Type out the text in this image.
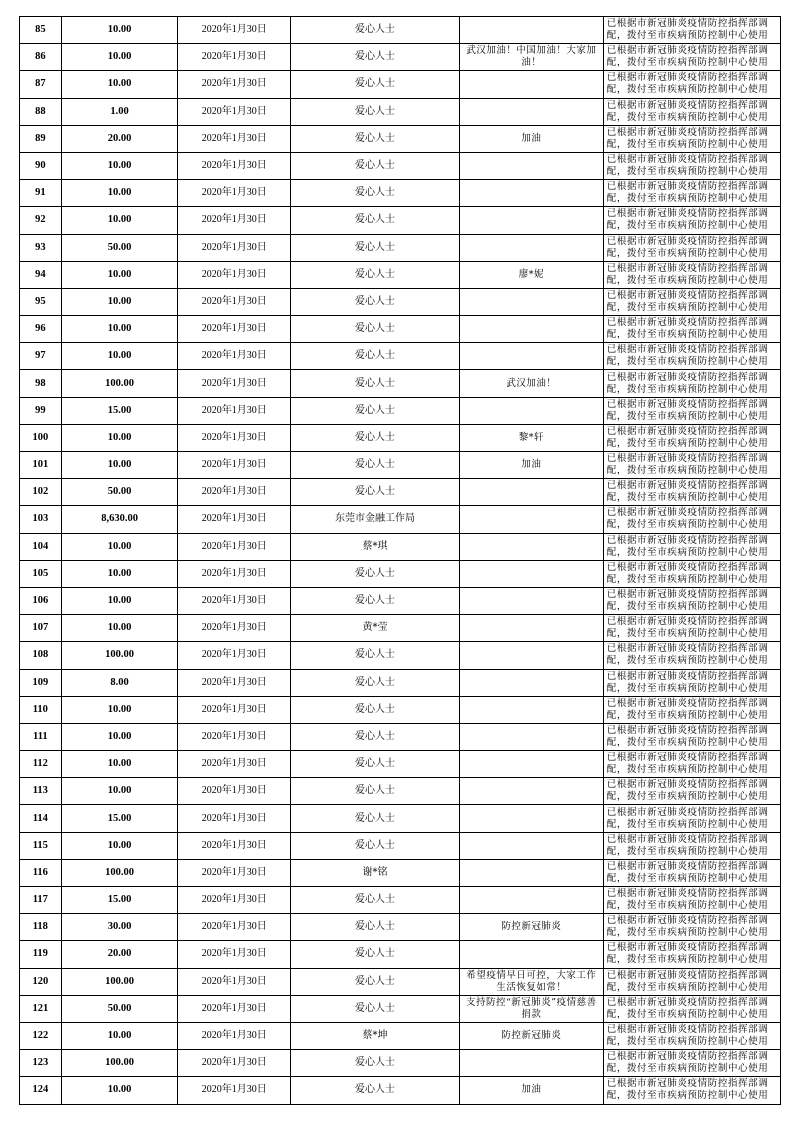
85	10.00	2020年1月30日	爱心人士		已根据市新冠肺炎疫情防控指挥部调配，拨付至市疾病预防控制中心使用
86	10.00	2020年1月30日	爱心人士	武汉加油！中国加油！大家加油！	已根据市新冠肺炎疫情防控指挥部调配，拨付至市疾病预防控制中心使用
87	10.00	2020年1月30日	爱心人士		已根据市新冠肺炎疫情防控指挥部调配，拨付至市疾病预防控制中心使用
88	1.00	2020年1月30日	爱心人士		已根据市新冠肺炎疫情防控指挥部调配，拨付至市疾病预防控制中心使用
89	20.00	2020年1月30日	爱心人士	加油	已根据市新冠肺炎疫情防控指挥部调配，拨付至市疾病预防控制中心使用
90	10.00	2020年1月30日	爱心人士		已根据市新冠肺炎疫情防控指挥部调配，拨付至市疾病预防控制中心使用
91	10.00	2020年1月30日	爱心人士		已根据市新冠肺炎疫情防控指挥部调配，拨付至市疾病预防控制中心使用
92	10.00	2020年1月30日	爱心人士		已根据市新冠肺炎疫情防控指挥部调配，拨付至市疾病预防控制中心使用
93	50.00	2020年1月30日	爱心人士		已根据市新冠肺炎疫情防控指挥部调配，拨付至市疾病预防控制中心使用
94	10.00	2020年1月30日	爱心人士	廖*妮	已根据市新冠肺炎疫情防控指挥部调配，拨付至市疾病预防控制中心使用
95	10.00	2020年1月30日	爱心人士		已根据市新冠肺炎疫情防控指挥部调配，拨付至市疾病预防控制中心使用
96	10.00	2020年1月30日	爱心人士		已根据市新冠肺炎疫情防控指挥部调配，拨付至市疾病预防控制中心使用
97	10.00	2020年1月30日	爱心人士		已根据市新冠肺炎疫情防控指挥部调配，拨付至市疾病预防控制中心使用
98	100.00	2020年1月30日	爱心人士	武汉加油！	已根据市新冠肺炎疫情防控指挥部调配，拨付至市疾病预防控制中心使用
99	15.00	2020年1月30日	爱心人士		已根据市新冠肺炎疫情防控指挥部调配，拨付至市疾病预防控制中心使用
100	10.00	2020年1月30日	爱心人士	黎*轩	已根据市新冠肺炎疫情防控指挥部调配，拨付至市疾病预防控制中心使用
101	10.00	2020年1月30日	爱心人士	加油	已根据市新冠肺炎疫情防控指挥部调配，拨付至市疾病预防控制中心使用
102	50.00	2020年1月30日	爱心人士		已根据市新冠肺炎疫情防控指挥部调配，拨付至市疾病预防控制中心使用
103	8,630.00	2020年1月30日	东莞市金融工作局		已根据市新冠肺炎疫情防控指挥部调配，拨付至市疾病预防控制中心使用
104	10.00	2020年1月30日	蔡*琪		已根据市新冠肺炎疫情防控指挥部调配，拨付至市疾病预防控制中心使用
105	10.00	2020年1月30日	爱心人士		已根据市新冠肺炎疫情防控指挥部调配，拨付至市疾病预防控制中心使用
106	10.00	2020年1月30日	爱心人士		已根据市新冠肺炎疫情防控指挥部调配，拨付至市疾病预防控制中心使用
107	10.00	2020年1月30日	黄*莹		已根据市新冠肺炎疫情防控指挥部调配，拨付至市疾病预防控制中心使用
108	100.00	2020年1月30日	爱心人士		已根据市新冠肺炎疫情防控指挥部调配，拨付至市疾病预防控制中心使用
109	8.00	2020年1月30日	爱心人士		已根据市新冠肺炎疫情防控指挥部调配，拨付至市疾病预防控制中心使用
110	10.00	2020年1月30日	爱心人士		已根据市新冠肺炎疫情防控指挥部调配，拨付至市疾病预防控制中心使用
111	10.00	2020年1月30日	爱心人士		已根据市新冠肺炎疫情防控指挥部调配，拨付至市疾病预防控制中心使用
112	10.00	2020年1月30日	爱心人士		已根据市新冠肺炎疫情防控指挥部调配，拨付至市疾病预防控制中心使用
113	10.00	2020年1月30日	爱心人士		已根据市新冠肺炎疫情防控指挥部调配，拨付至市疾病预防控制中心使用
114	15.00	2020年1月30日	爱心人士		已根据市新冠肺炎疫情防控指挥部调配，拨付至市疾病预防控制中心使用
115	10.00	2020年1月30日	爱心人士		已根据市新冠肺炎疫情防控指挥部调配，拨付至市疾病预防控制中心使用
116	100.00	2020年1月30日	谢*铭		已根据市新冠肺炎疫情防控指挥部调配，拨付至市疾病预防控制中心使用
117	15.00	2020年1月30日	爱心人士		已根据市新冠肺炎疫情防控指挥部调配，拨付至市疾病预防控制中心使用
118	30.00	2020年1月30日	爱心人士	防控新冠肺炎	已根据市新冠肺炎疫情防控指挥部调配，拨付至市疾病预防控制中心使用
119	20.00	2020年1月30日	爱心人士		已根据市新冠肺炎疫情防控指挥部调配，拨付至市疾病预防控制中心使用
120	100.00	2020年1月30日	爱心人士	希望疫情早日可控，大家工作生活恢复如常！	已根据市新冠肺炎疫情防控指挥部调配，拨付至市疾病预防控制中心使用
121	50.00	2020年1月30日	爱心人士	支持防控“新冠肺炎”疫情慈善捐款	已根据市新冠肺炎疫情防控指挥部调配，拨付至市疾病预防控制中心使用
122	10.00	2020年1月30日	蔡*坤	防控新冠肺炎	已根据市新冠肺炎疫情防控指挥部调配，拨付至市疾病预防控制中心使用
123	100.00	2020年1月30日	爱心人士		已根据市新冠肺炎疫情防控指挥部调配，拨付至市疾病预防控制中心使用
124	10.00	2020年1月30日	爱心人士	加油	已根据市新冠肺炎疫情防控指挥部调配，拨付至市疾病预防控制中心使用
